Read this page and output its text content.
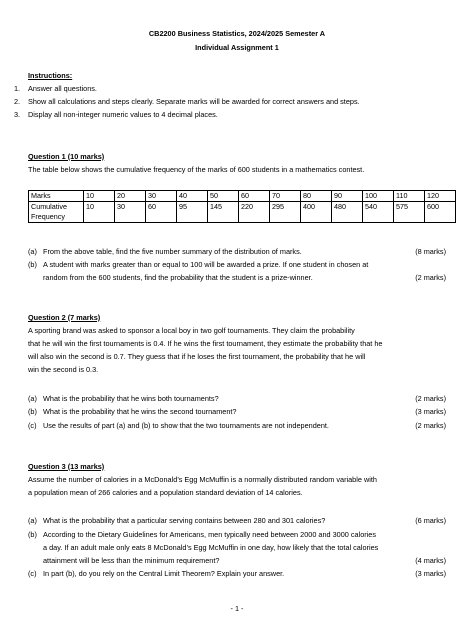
CB2200 Business Statistics, 2024/2025 Semester A
Individual Assignment 1
Instructions:
1. Answer all questions.
2. Show all calculations and steps clearly. Separate marks will be awarded for correct answers and steps.
3. Display all non-integer numeric values to 4 decimal places.
Question 1 (10 marks)
The table below shows the cumulative frequency of the marks of 600 students in a mathematics contest.
Marks	10	20	30	40	50	60	70	80	90	100	110	120

Cumulative
Frequency	10	30	60	95	145	220	295	400	480	540	575	600
(a) From the above table, find the five number summary of the distribution of marks.	(8 marks)
(b) A student with marks greater than or equal to 100 will be awarded a prize. If one student in chosen at
random from the 600 students, find the probability that the student is a prize-winner.	(2 marks)
Question 2 (7 marks)
A sporting brand was asked to sponsor a local boy in two golf tournaments. They claim the probability
that he will win the first tournaments is 0.4. If he wins the first tournament, they estimate the probability that he
will also win the second is 0.7. They guess that if he loses the first tournament, the probability that he will
win the second is 0.3.
(a) What is the probability that he wins both tournaments?	(2 marks)
(b) What is the probability that he wins the second tournament?	(3 marks)
(c) Use the results of part (a) and (b) to show that the two tournaments are not independent.	(2 marks)
Question 3 (13 marks)
Assume the number of calories in a McDonald’s Egg McMuffin is a normally distributed random variable with
a population mean of 266 calories and a population standard deviation of 14 calories.
(a) What is the probability that a particular serving contains between 280 and 301 calories?	(6 marks)
(b) According to the Dietary Guidelines for Americans, men typically need between 2000 and 3000 calories
a day. If an adult male only eats 8 McDonald’s Egg McMuffin in one day, how likely that the total calories
attainment will be less than the minimum requirement?	(4 marks)
(c) In part (b), do you rely on the Central Limit Theorem? Explain your answer.	(3 marks)
- 1 -
